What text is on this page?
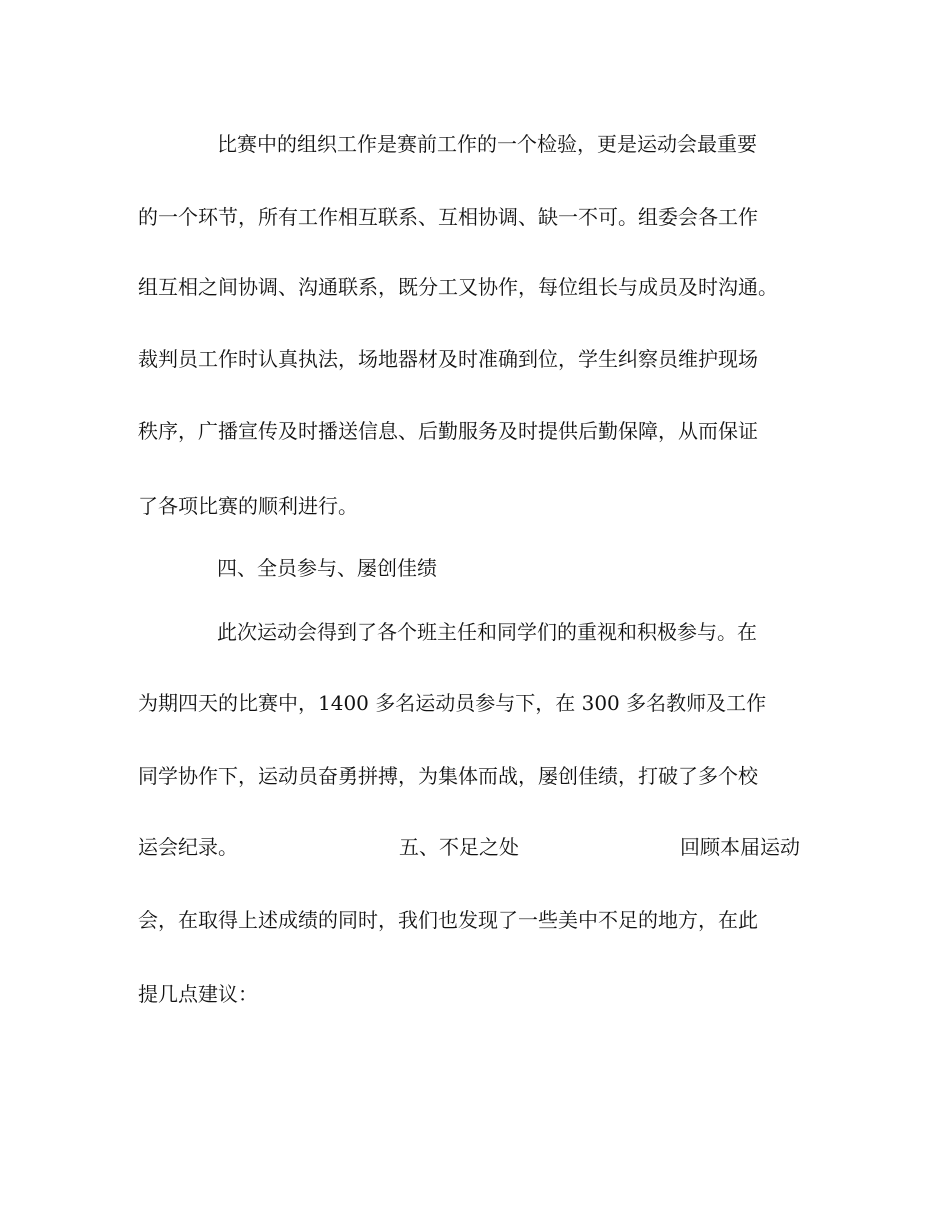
比赛中的组织工作是赛前工作的一个检验，更是运动会最重要
的一个环节，所有工作相互联系、互相协调、缺一不可。组委会各工作
组互相之间协调、沟通联系，既分工又协作，每位组长与成员及时沟通。
裁判员工作时认真执法，场地器材及时准确到位，学生纠察员维护现场
秩序，广播宣传及时播送信息、后勤服务及时提供后勤保障，从而保证
了各项比赛的顺利进行。
四、全员参与、屡创佳绩
此次运动会得到了各个班主任和同学们的重视和积极参与。在
为期四天的比赛中，1400 多名运动员参与下，在 300 多名教师及工作
同学协作下，运动员奋勇拼搏，为集体而战，屡创佳绩，打破了多个校
运会纪录。	五、不足之处	回顾本届运动
会，在取得上述成绩的同时，我们也发现了一些美中不足的地方，在此
提几点建议：
